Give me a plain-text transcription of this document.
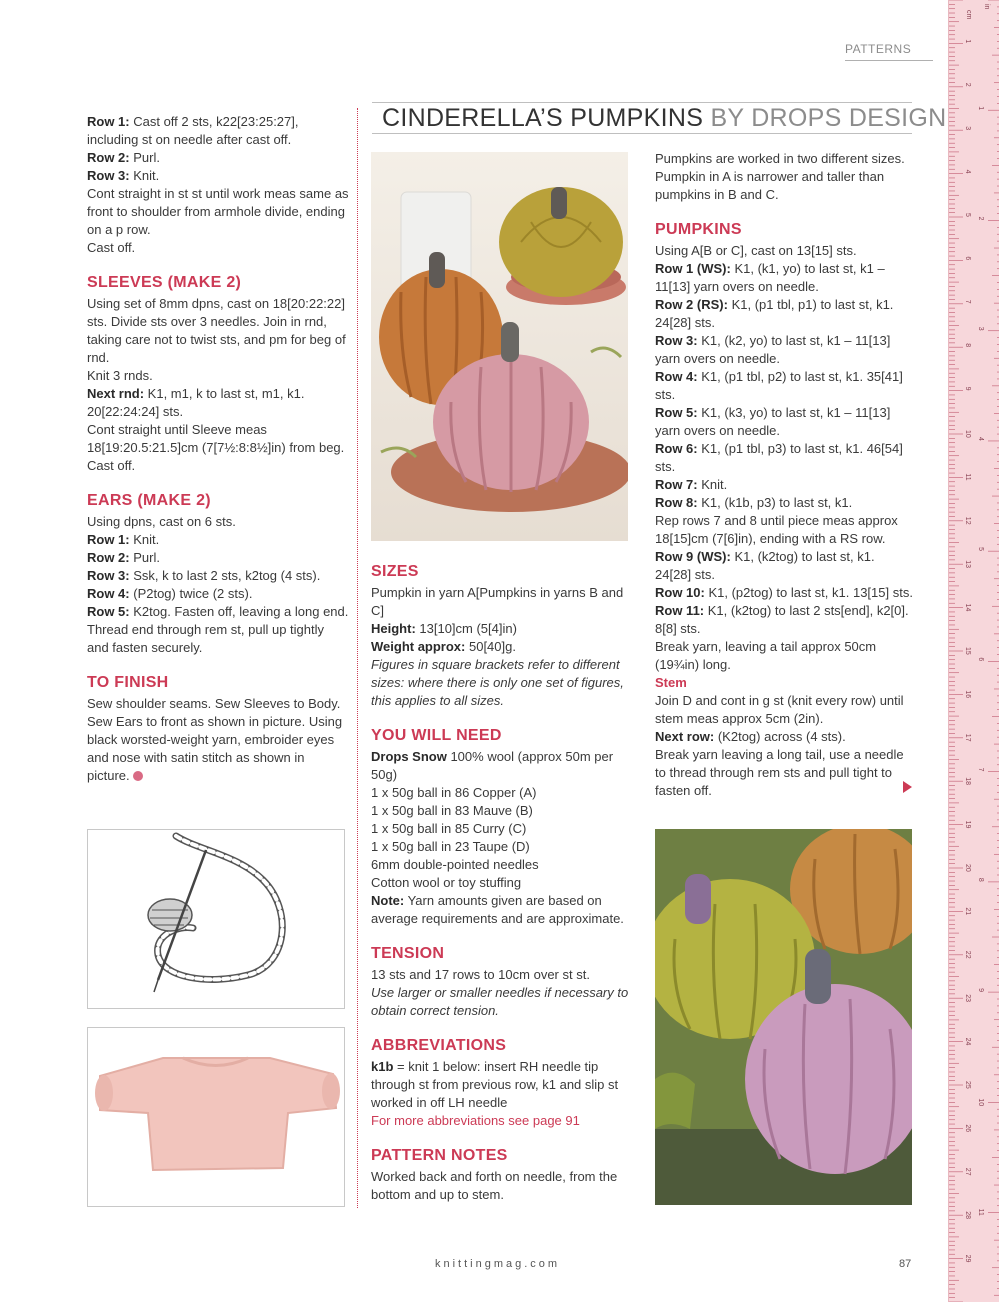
PATTERNS
CINDERELLA’S PUMPKINS BY DROPS DESIGN

Row 1: Cast off 2 sts, k22[23:25:27], including st on needle after cast off.

Row 2: Purl.

Row 3: Knit.

Cont straight in st st until work meas same as front to shoulder from armhole divide, ending on a p row.

Cast off.

SLEEVES (MAKE 2)

Using set of 8mm dpns, cast on 18[20:22:22] sts. Divide sts over 3 needles. Join in rnd, taking care not to twist sts, and pm for beg of rnd.

Knit 3 rnds.

Next rnd: K1, m1, k to last st, m1, k1. 20[22:24:24] sts.

Cont straight until Sleeve meas 18[19:20.5:21.5]cm (7[7½:8:8½]in) from beg.

Cast off.

EARS (MAKE 2)

Using dpns, cast on 6 sts.

Row 1: Knit.

Row 2: Purl.

Row 3: Ssk, k to last 2 sts, k2tog (4 sts).

Row 4: (P2tog) twice (2 sts).

Row 5: K2tog. Fasten off, leaving a long end.

Thread end through rem st, pull up tightly and fasten securely.

TO FINISH

Sew shoulder seams. Sew Sleeves to Body. Sew Ears to front as shown in picture. Using black worsted-weight yarn, embroider eyes and nose with satin stitch as shown in picture.

SIZES

Pumpkin in yarn A[Pumpkins in yarns B and C]

Height: 13[10]cm (5[4]in)

Weight approx: 50[40]g.

Figures in square brackets refer to different sizes: where there is only one set of figures, this applies to all sizes.

YOU WILL NEED

Drops Snow 100% wool (approx 50m per 50g)

1 x 50g ball in 86 Copper (A)

1 x 50g ball in 83 Mauve (B)

1 x 50g ball in 85 Curry (C)

1 x 50g ball in 23 Taupe (D)

6mm double-pointed needles

Cotton wool or toy stuffing

Note: Yarn amounts given are based on average requirements and are approximate.

TENSION

13 sts and 17 rows to 10cm over st st.

Use larger or smaller needles if necessary to obtain correct tension.

ABBREVIATIONS

k1b = knit 1 below: insert RH needle tip through st from previous row, k1 and slip st worked in off LH needle

For more abbreviations see page 91

PATTERN NOTES

Worked back and forth on needle, from the bottom and up to stem.

Pumpkins are worked in two different sizes. Pumpkin in A is narrower and taller than pumpkins in B and C.

PUMPKINS

Using A[B or C], cast on 13[15] sts.

Row 1 (WS): K1, (k1, yo) to last st, k1 – 11[13] yarn overs on needle.

Row 2 (RS): K1, (p1 tbl, p1) to last st, k1. 24[28] sts.

Row 3: K1, (k2, yo) to last st, k1 – 11[13] yarn overs on needle.

Row 4: K1, (p1 tbl, p2) to last st, k1. 35[41] sts.

Row 5: K1, (k3, yo) to last st, k1 – 11[13] yarn overs on needle.

Row 6: K1, (p1 tbl, p3) to last st, k1. 46[54] sts.

Row 7: Knit.

Row 8: K1, (k1b, p3) to last st, k1.

Rep rows 7 and 8 until piece meas approx 18[15]cm (7[6]in), ending with a RS row.

Row 9 (WS): K1, (k2tog) to last st, k1. 24[28] sts.

Row 10: K1, (p2tog) to last st, k1. 13[15] sts.

Row 11: K1, (k2tog) to last 2 sts[end], k2[0]. 8[8] sts.

Break yarn, leaving a tail approx 50cm (19¾in) long.

Stem

Join D and cont in g st (knit every row) until stem meas approx 5cm (2in).

Next row: (K2tog) across (4 sts).

Break yarn leaving a long tail, use a needle to thread through rem sts and pull tight to fasten off.

knittingmag.com	87
cm
in
1
2
3
4
5
6
7
8
9
10
11
12
13
14
15
16
17
18
19
20
21
22
23
24
25
26
27
28
29
1
2
3
4
5
6
7
8
9
10
11
